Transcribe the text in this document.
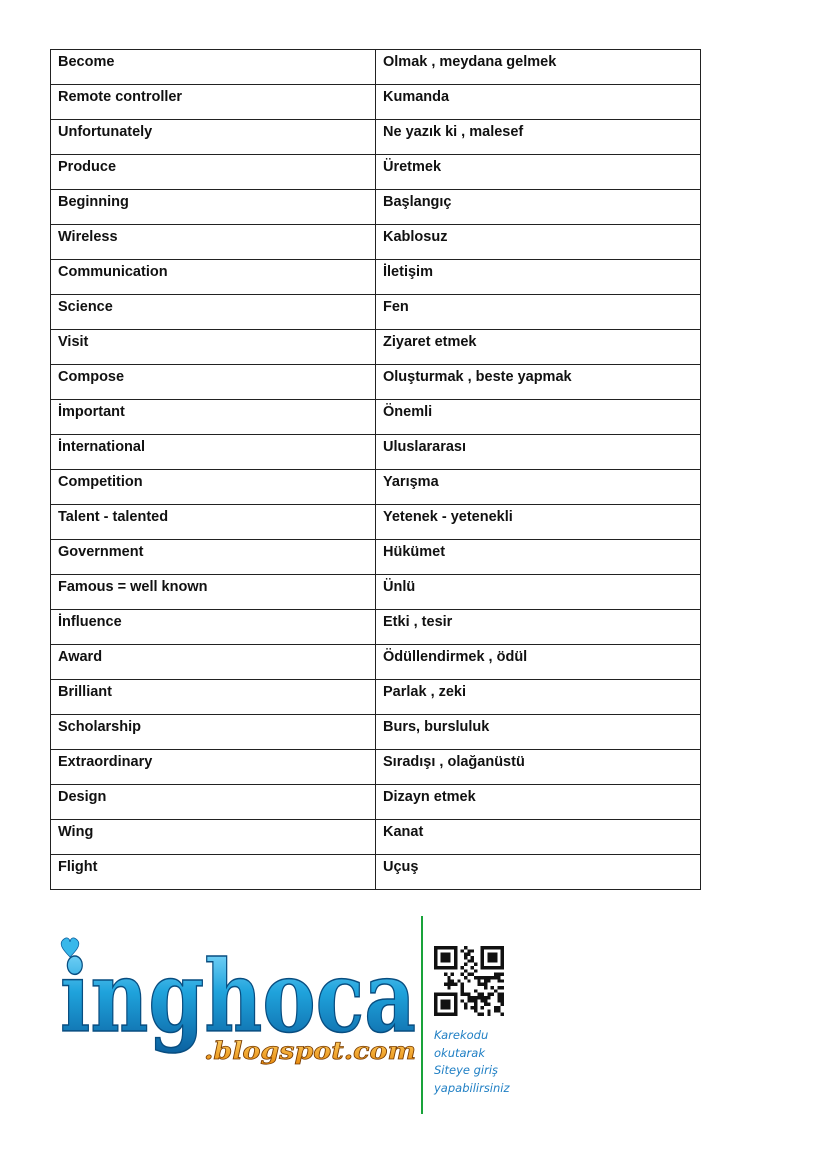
Become	Olmak , meydana gelmek
Remote controller	Kumanda
Unfortunately	Ne yazık ki , malesef
Produce	Üretmek
Beginning	Başlangıç
Wireless	Kablosuz
Communication	İletişim
Science	Fen
Visit	Ziyaret etmek
Compose	Oluşturmak , beste yapmak
İmportant	Önemli
İnternational	Uluslararası
Competition	Yarışma
Talent - talented	Yetenek - yetenekli
Government	Hükümet
Famous = well known	Ünlü
İnfluence	Etki , tesir
Award	Ödüllendirmek , ödül
Brilliant	Parlak , zeki
Scholarship	Burs, bursluluk
Extraordinary	Sıradışı , olağanüstü
Design	Dizayn etmek
Wing	Kanat
Flight	Uçuş
inghoca
.blogspot.com
Karekodu
okutarak
Siteye giriş
yapabilirsiniz
